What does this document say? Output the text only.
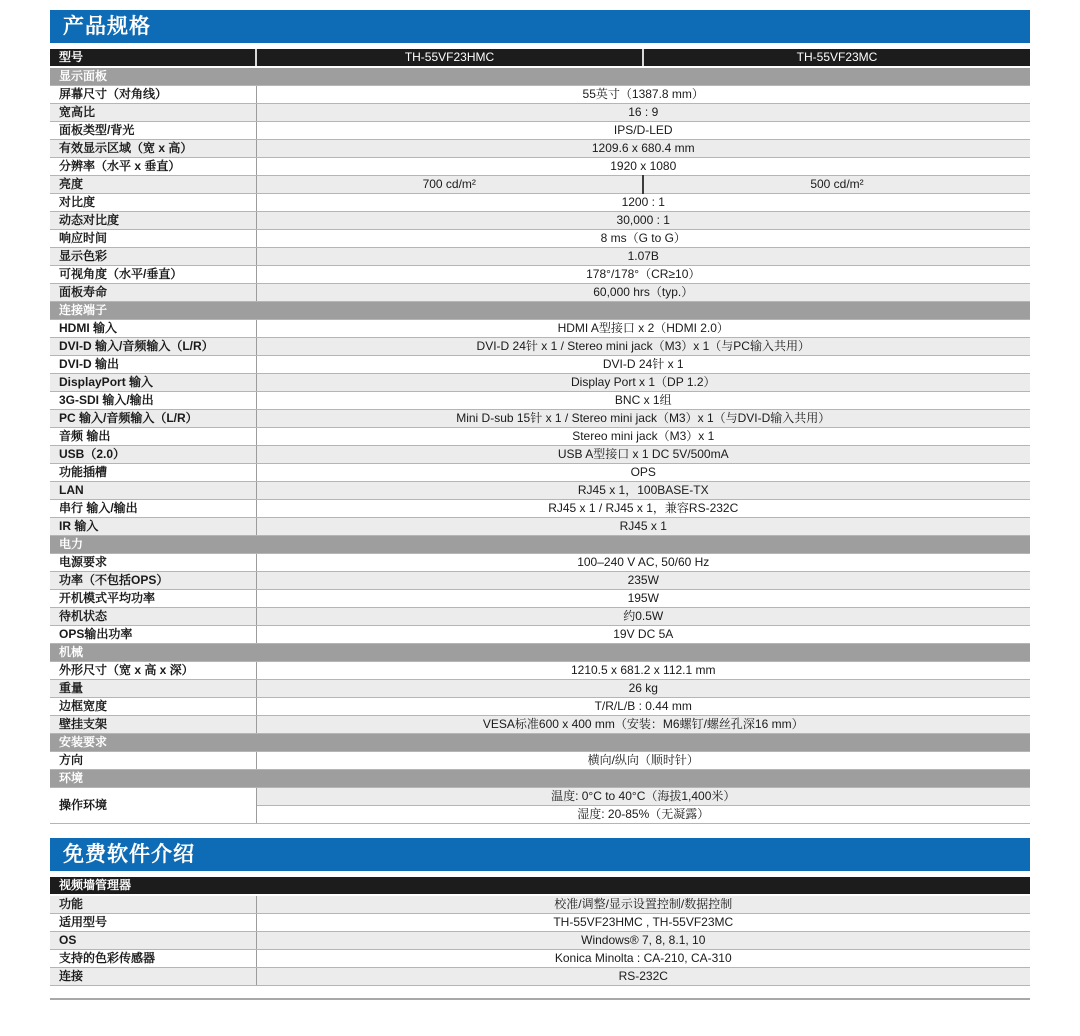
产品规格
型号	TH-55VF23HMC	TH-55VF23MC
显示面板		
屏幕尺寸（对角线）	55英寸（1387.8 mm）	
宽高比	16 : 9	
面板类型/背光	IPS/D-LED	
有效显示区域（宽 x 高）	1209.6 x 680.4 mm	
分辨率（水平 x 垂直）	1920 x 1080	
亮度	700 cd/m²	500 cd/m²
对比度	1200 : 1	
动态对比度	30,000 : 1	
响应时间	8 ms（G to G）	
显示色彩	1.07B	
可视角度（水平/垂直）	178°/178°（CR≥10）	
面板寿命	60,000 hrs（typ.）	
连接端子		
HDMI 输入	HDMI A型接口 x 2（HDMI 2.0）	
DVI-D 输入/音频输入（L/R）	DVI-D 24针 x 1 / Stereo mini jack（M3）x 1（与PC输入共用）	
DVI-D 输出	DVI-D 24针 x 1	
DisplayPort 输入	Display Port x 1（DP 1.2）	
3G-SDI 输入/输出	BNC x 1组	
PC 输入/音频输入（L/R）	Mini D-sub 15针 x 1 / Stereo mini jack（M3）x 1（与DVI-D输入共用）	
音频 输出	Stereo mini jack（M3）x 1	
USB（2.0）	USB A型接口 x 1 DC 5V/500mA	
功能插槽	OPS	
LAN	RJ45 x 1，100BASE-TX	
串行 输入/输出	RJ45 x 1 / RJ45 x 1，兼容RS-232C	
IR 输入	RJ45 x 1	
电力		
电源要求	100–240 V AC, 50/60 Hz	
功率（不包括OPS）	235W	
开机模式平均功率	195W	
待机状态	约0.5W	
OPS输出功率	19V DC 5A	
机械		
外形尺寸（宽 x 高 x 深）	1210.5 x 681.2 x 112.1 mm	
重量	26 kg	
边框宽度	T/R/L/B : 0.44 mm	
壁挂支架	VESA标准600 x 400 mm（安装：M6螺钉/螺丝孔深16 mm）	
安装要求		
方向	横向/纵向（顺时针）	
环境		
操作环境	温度: 0°C to 40°C（海拔1,400米）	
	湿度: 20-85%（无凝露）	
免费软件介绍
视频墙管理器	
功能	校准/调整/显示设置控制/数据控制
适用型号	TH-55VF23HMC , TH-55VF23MC
OS	Windows® 7, 8, 8.1, 10
支持的色彩传感器	Konica Minolta : CA-210, CA-310
连接	RS-232C
